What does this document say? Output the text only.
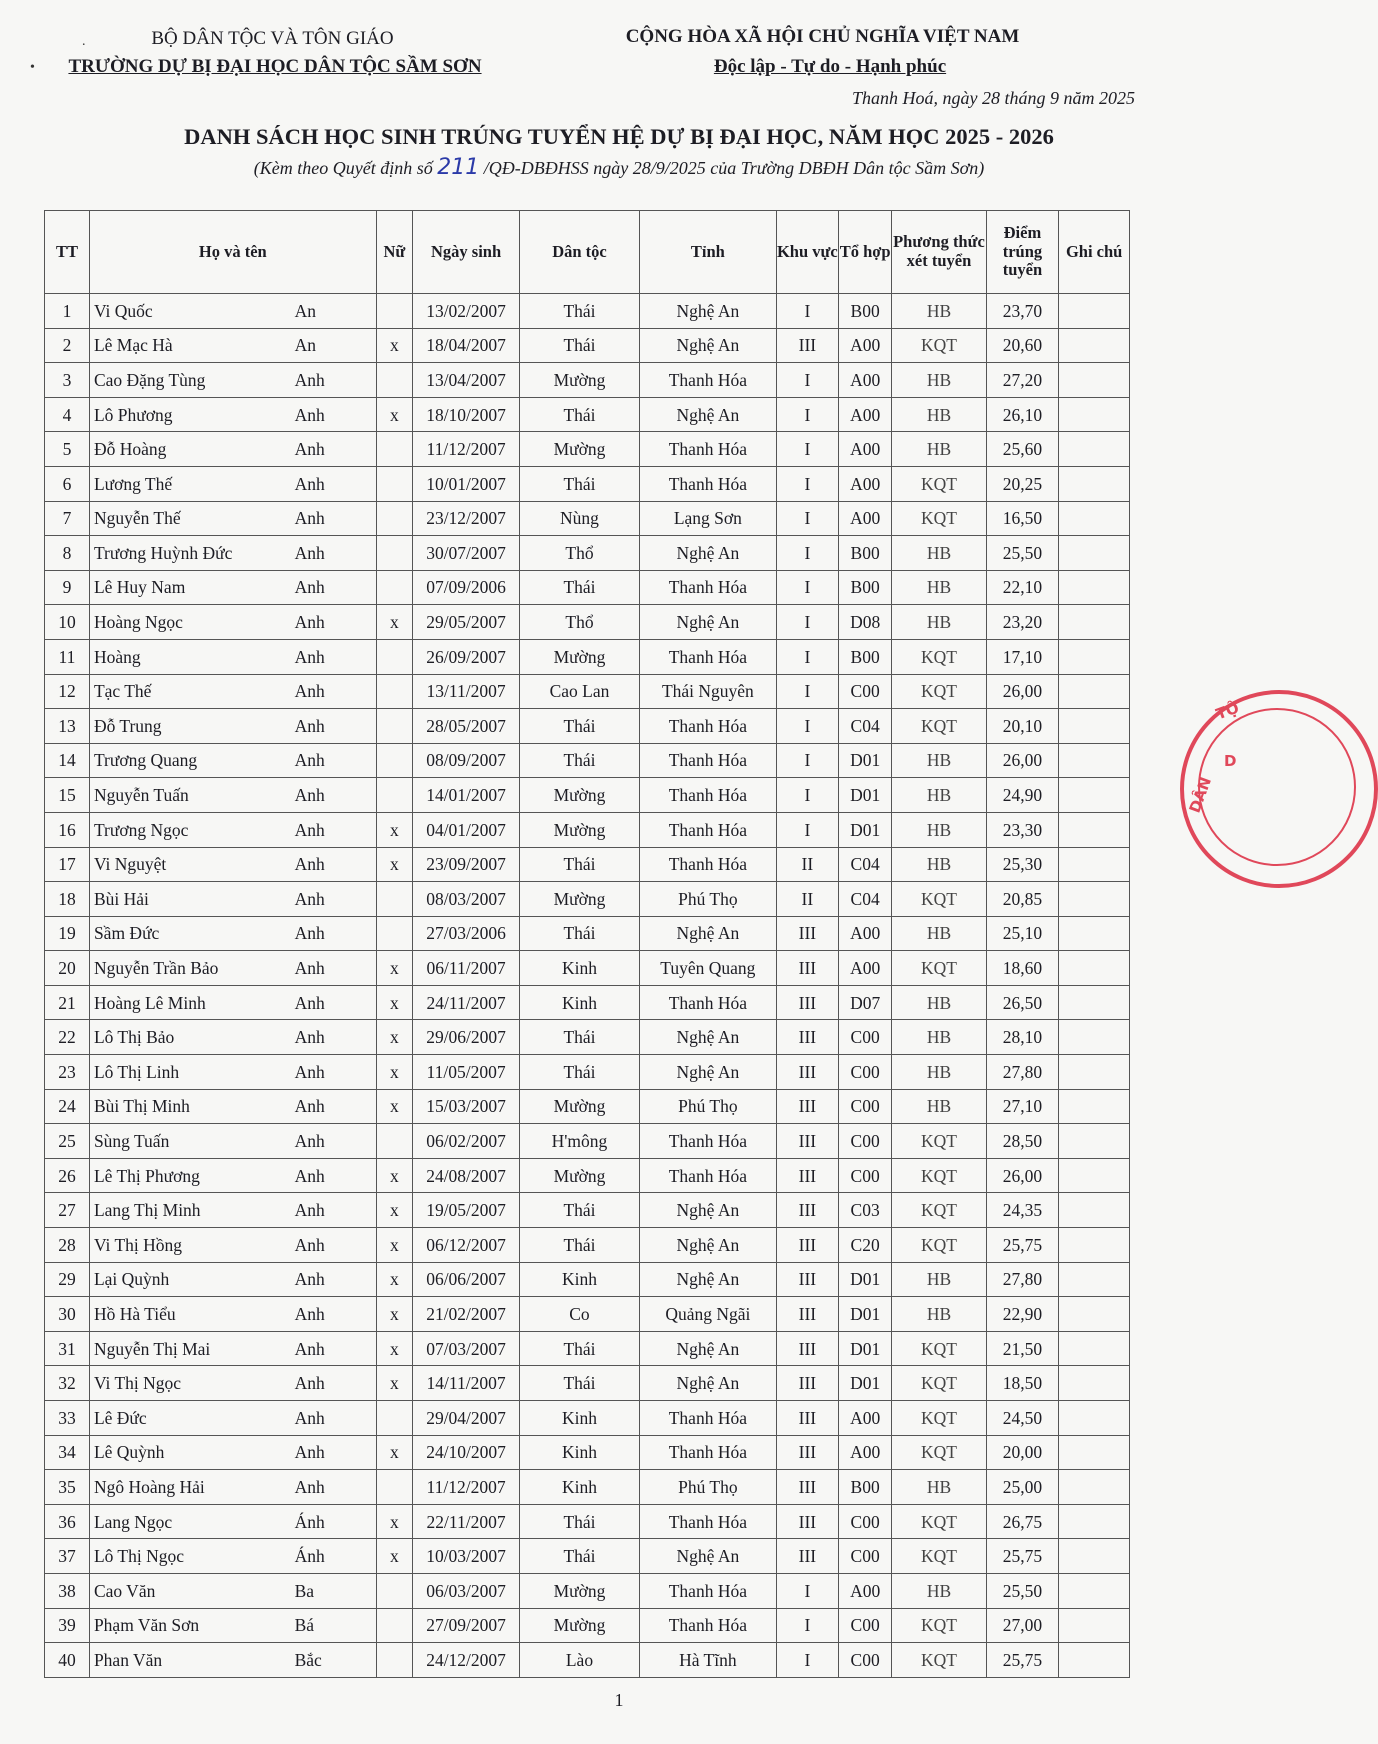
.
•
BỘ DÂN TỘC VÀ TÔN GIÁO
TRƯỜNG DỰ BỊ ĐẠI HỌC DÂN TỘC SẦM SƠN
CỘNG HÒA XÃ HỘI CHỦ NGHĨA VIỆT NAM
Độc lập - Tự do - Hạnh phúc
Thanh Hoá, ngày 28 tháng 9 năm 2025
DANH SÁCH HỌC SINH TRÚNG TUYỂN HỆ DỰ BỊ ĐẠI HỌC, NĂM HỌC 2025 - 2026
(Kèm theo Quyết định số 211 /QĐ-DBĐHSS ngày 28/9/2025 của Trường DBĐH Dân tộc Sầm Sơn)
TT	Họ và tên		Nữ	Ngày sinh	Dân tộc	Tỉnh	Khu vực	Tổ hợp	Phương thức xét tuyển	Điểm trúng tuyển	Ghi chú
1	Vi Quốc	An		13/02/2007	Thái	Nghệ An	I	B00	HB	23,70	
2	Lê Mạc Hà	An	x	18/04/2007	Thái	Nghệ An	III	A00	KQT	20,60	
3	Cao Đặng Tùng	Anh		13/04/2007	Mường	Thanh Hóa	I	A00	HB	27,20	
4	Lô Phương	Anh	x	18/10/2007	Thái	Nghệ An	I	A00	HB	26,10	
5	Đỗ Hoàng	Anh		11/12/2007	Mường	Thanh Hóa	I	A00	HB	25,60	
6	Lương Thế	Anh		10/01/2007	Thái	Thanh Hóa	I	A00	KQT	20,25	
7	Nguyễn Thế	Anh		23/12/2007	Nùng	Lạng Sơn	I	A00	KQT	16,50	
8	Trương Huỳnh Đức	Anh		30/07/2007	Thổ	Nghệ An	I	B00	HB	25,50	
9	Lê Huy Nam	Anh		07/09/2006	Thái	Thanh Hóa	I	B00	HB	22,10	
10	Hoàng Ngọc	Anh	x	29/05/2007	Thổ	Nghệ An	I	D08	HB	23,20	
11	Hoàng	Anh		26/09/2007	Mường	Thanh Hóa	I	B00	KQT	17,10	
12	Tạc Thế	Anh		13/11/2007	Cao Lan	Thái Nguyên	I	C00	KQT	26,00	
13	Đỗ Trung	Anh		28/05/2007	Thái	Thanh Hóa	I	C04	KQT	20,10	
14	Trương Quang	Anh		08/09/2007	Thái	Thanh Hóa	I	D01	HB	26,00	
15	Nguyễn Tuấn	Anh		14/01/2007	Mường	Thanh Hóa	I	D01	HB	24,90	
16	Trương Ngọc	Anh	x	04/01/2007	Mường	Thanh Hóa	I	D01	HB	23,30	
17	Vi Nguyệt	Anh	x	23/09/2007	Thái	Thanh Hóa	II	C04	HB	25,30	
18	Bùi Hải	Anh		08/03/2007	Mường	Phú Thọ	II	C04	KQT	20,85	
19	Sầm Đức	Anh		27/03/2006	Thái	Nghệ An	III	A00	HB	25,10	
20	Nguyễn Trần Bảo	Anh	x	06/11/2007	Kinh	Tuyên Quang	III	A00	KQT	18,60	
21	Hoàng Lê Minh	Anh	x	24/11/2007	Kinh	Thanh Hóa	III	D07	HB	26,50	
22	Lô Thị Bảo	Anh	x	29/06/2007	Thái	Nghệ An	III	C00	HB	28,10	
23	Lô Thị Linh	Anh	x	11/05/2007	Thái	Nghệ An	III	C00	HB	27,80	
24	Bùi Thị Minh	Anh	x	15/03/2007	Mường	Phú Thọ	III	C00	HB	27,10	
25	Sùng Tuấn	Anh		06/02/2007	H'mông	Thanh Hóa	III	C00	KQT	28,50	
26	Lê Thị Phương	Anh	x	24/08/2007	Mường	Thanh Hóa	III	C00	KQT	26,00	
27	Lang Thị Minh	Anh	x	19/05/2007	Thái	Nghệ An	III	C03	KQT	24,35	
28	Vi Thị Hồng	Anh	x	06/12/2007	Thái	Nghệ An	III	C20	KQT	25,75	
29	Lại Quỳnh	Anh	x	06/06/2007	Kinh	Nghệ An	III	D01	HB	27,80	
30	Hồ Hà Tiểu	Anh	x	21/02/2007	Co	Quảng Ngãi	III	D01	HB	22,90	
31	Nguyễn Thị Mai	Anh	x	07/03/2007	Thái	Nghệ An	III	D01	KQT	21,50	
32	Vi Thị Ngọc	Anh	x	14/11/2007	Thái	Nghệ An	III	D01	KQT	18,50	
33	Lê Đức	Anh		29/04/2007	Kinh	Thanh Hóa	III	A00	KQT	24,50	
34	Lê Quỳnh	Anh	x	24/10/2007	Kinh	Thanh Hóa	III	A00	KQT	20,00	
35	Ngô Hoàng Hải	Anh		11/12/2007	Kinh	Phú Thọ	III	B00	HB	25,00	
36	Lang Ngọc	Ánh	x	22/11/2007	Thái	Thanh Hóa	III	C00	KQT	26,75	
37	Lô Thị Ngọc	Ánh	x	10/03/2007	Thái	Nghệ An	III	C00	KQT	25,75	
38	Cao Văn	Ba		06/03/2007	Mường	Thanh Hóa	I	A00	HB	25,50	
39	Phạm Văn Sơn	Bá		27/09/2007	Mường	Thanh Hóa	I	C00	KQT	27,00	
40	Phan Văn	Bắc		24/12/2007	Lào	Hà Tĩnh	I	C00	KQT	25,75	
1
DÂN
TỘ
D
